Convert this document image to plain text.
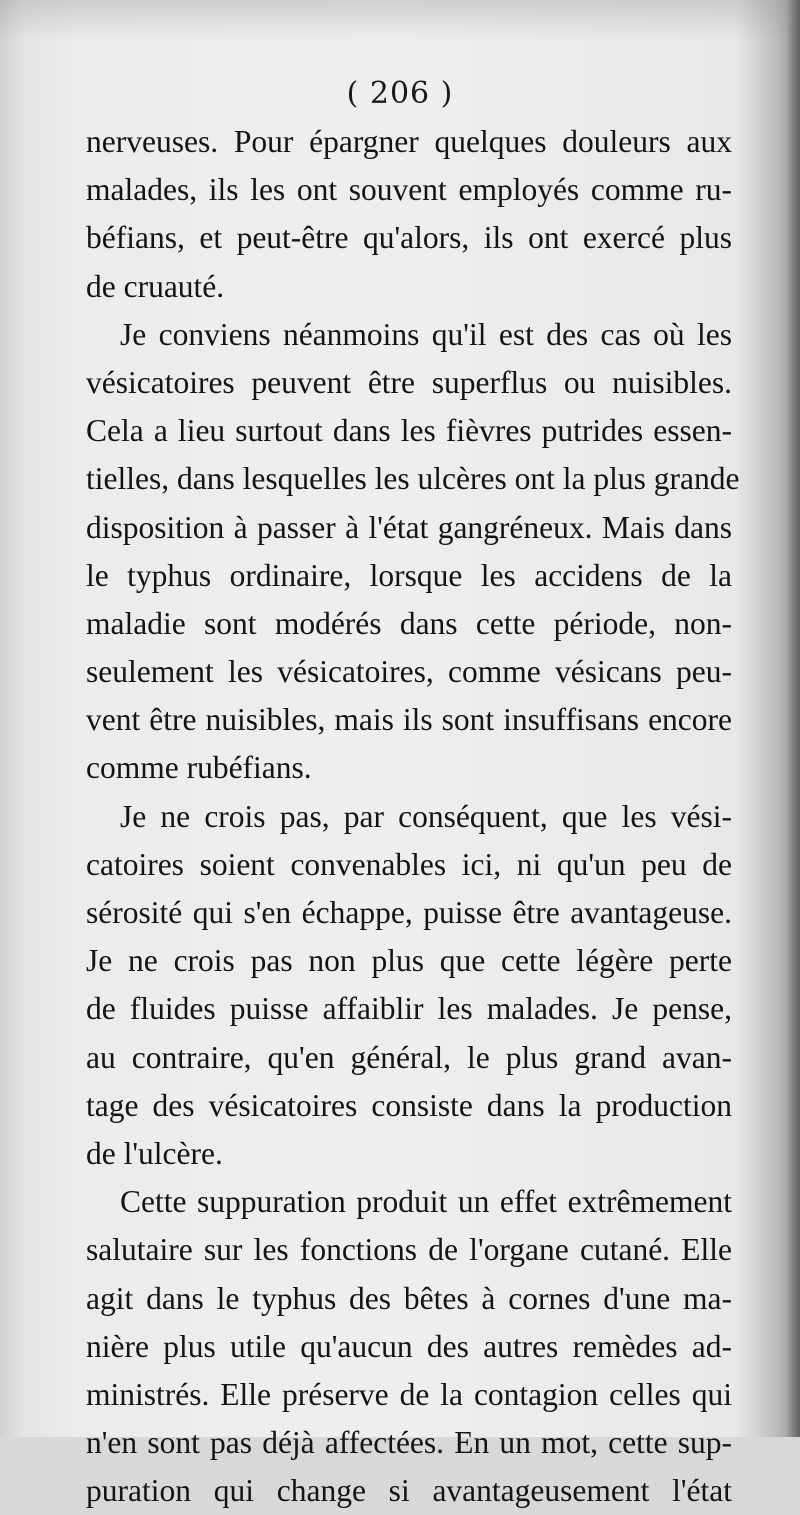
( 206 )
nerveuses. Pour épargner quelques douleurs aux
malades, ils les ont souvent employés comme ru-
béfians, et peut-être qu'alors, ils ont exercé plus
de cruauté.
Je conviens néanmoins qu'il est des cas où les
vésicatoires peuvent être superflus ou nuisibles.
Cela a lieu surtout dans les fièvres putrides essen-
tielles, dans lesquelles les ulcères ont la plus grande
disposition à passer à l'état gangréneux. Mais dans
le typhus ordinaire, lorsque les accidens de la
maladie sont modérés dans cette période, non-
seulement les vésicatoires, comme vésicans peu-
vent être nuisibles, mais ils sont insuffisans encore
comme rubéfians.
Je ne crois pas, par conséquent, que les vési-
catoires soient convenables ici, ni qu'un peu de
sérosité qui s'en échappe, puisse être avantageuse.
Je ne crois pas non plus que cette légère perte
de fluides puisse affaiblir les malades. Je pense,
au contraire, qu'en général, le plus grand avan-
tage des vésicatoires consiste dans la production
de l'ulcère.
Cette suppuration produit un effet extrêmement
salutaire sur les fonctions de l'organe cutané. Elle
agit dans le typhus des bêtes à cornes d'une ma-
nière plus utile qu'aucun des autres remèdes ad-
ministrés. Elle préserve de la contagion celles qui
n'en sont pas déjà affectées. En un mot, cette sup-
puration qui change si avantageusement l'état
